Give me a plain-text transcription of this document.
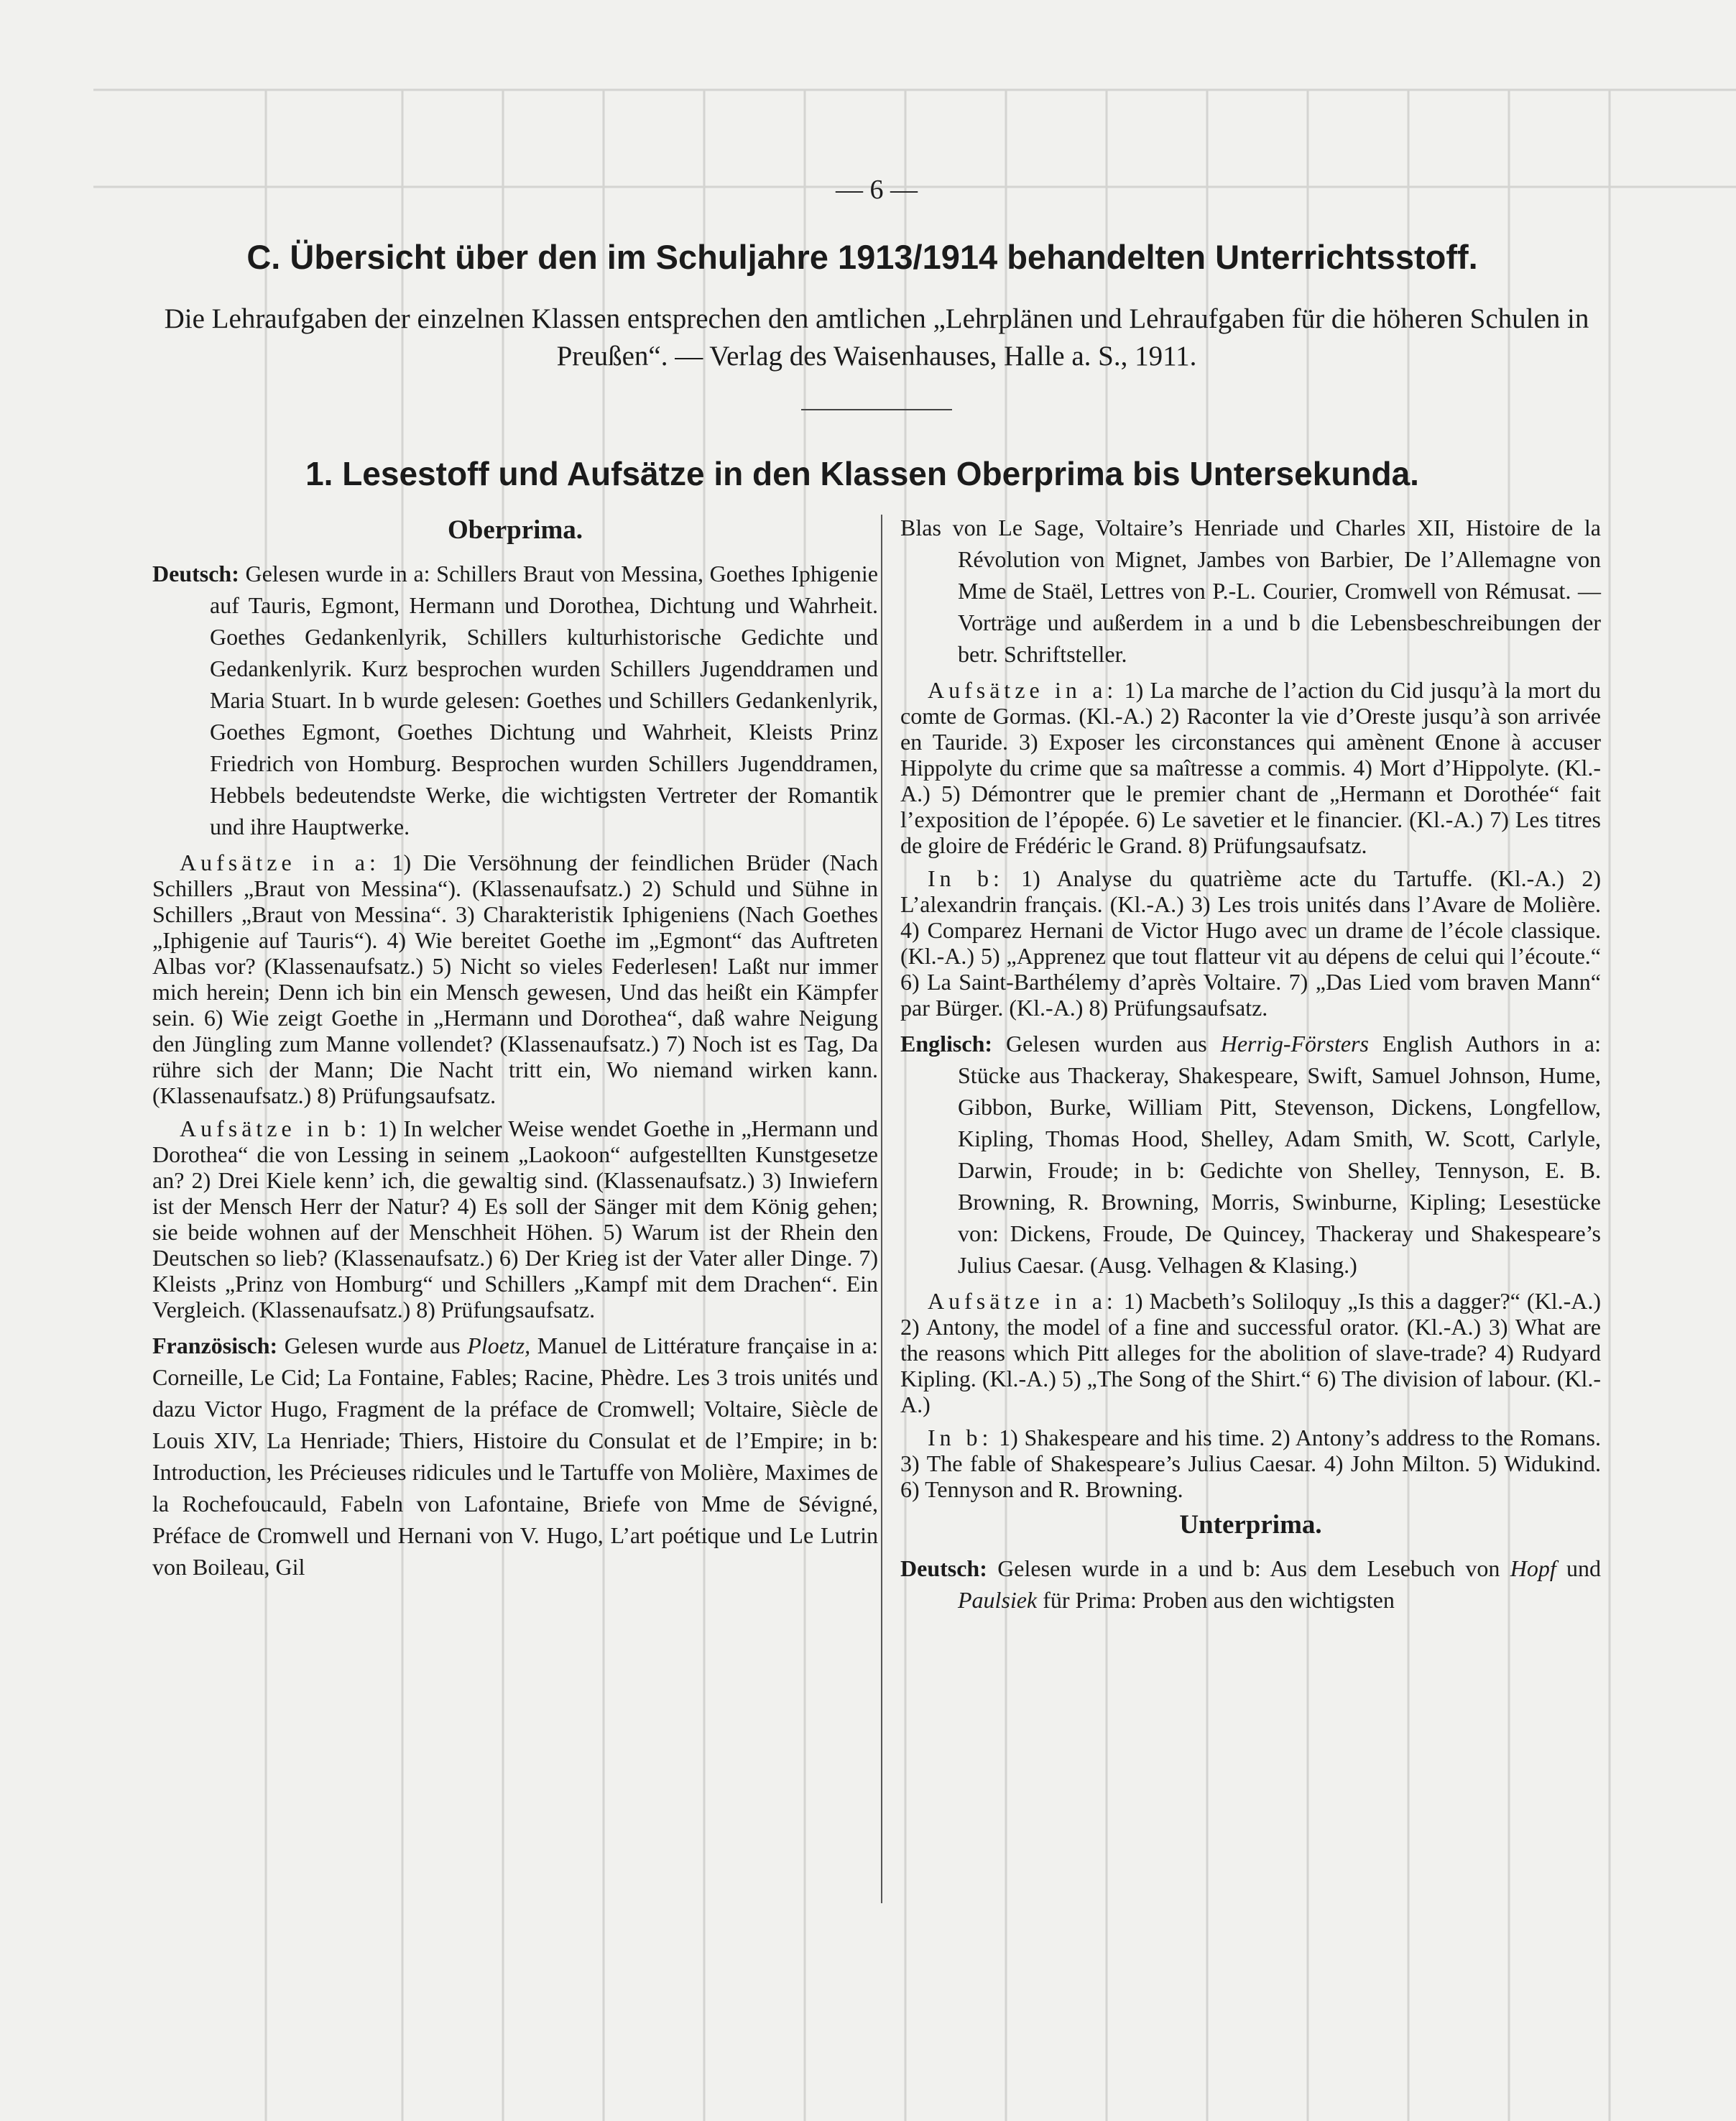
— 6 —
C. Übersicht über den im Schuljahre 1913/1914 behandelten Unterrichtsstoff.
Die Lehraufgaben der einzelnen Klassen entsprechen den amtlichen „Lehrplänen und Lehraufgaben für die höheren Schulen in Preußen“. — Verlag des Waisenhauses, Halle a. S., 1911.
1. Lesestoff und Aufsätze in den Klassen Oberprima bis Untersekunda.
Oberprima.

Deutsch: Gelesen wurde in a: Schillers Braut von Messina, Goethes Iphigenie auf Tauris, Egmont, Hermann und Dorothea, Dichtung und Wahrheit. Goethes Gedankenlyrik, Schillers kulturhistorische Gedichte und Gedankenlyrik. Kurz besprochen wurden Schillers Jugenddramen und Maria Stuart. In b wurde gelesen: Goethes und Schillers Gedankenlyrik, Goethes Egmont, Goethes Dichtung und Wahrheit, Kleists Prinz Friedrich von Homburg. Besprochen wurden Schillers Jugenddramen, Hebbels bedeutendste Werke, die wichtigsten Vertreter der Romantik und ihre Hauptwerke.

Aufsätze in a: 1) Die Versöhnung der feindlichen Brüder (Nach Schillers „Braut von Messina“). (Klassenaufsatz.) 2) Schuld und Sühne in Schillers „Braut von Messina“. 3) Charakteristik Iphigeniens (Nach Goethes „Iphigenie auf Tauris“). 4) Wie bereitet Goethe im „Egmont“ das Auftreten Albas vor? (Klassenaufsatz.) 5) Nicht so vieles Federlesen! Laßt nur immer mich herein; Denn ich bin ein Mensch gewesen, Und das heißt ein Kämpfer sein. 6) Wie zeigt Goethe in „Hermann und Dorothea“, daß wahre Neigung den Jüngling zum Manne vollendet? (Klassenaufsatz.) 7) Noch ist es Tag, Da rühre sich der Mann; Die Nacht tritt ein, Wo niemand wirken kann. (Klassenaufsatz.) 8) Prüfungsaufsatz.

Aufsätze in b: 1) In welcher Weise wendet Goethe in „Hermann und Dorothea“ die von Lessing in seinem „Laokoon“ aufgestellten Kunstgesetze an? 2) Drei Kiele kenn’ ich, die gewaltig sind. (Klassenaufsatz.) 3) Inwiefern ist der Mensch Herr der Natur? 4) Es soll der Sänger mit dem König gehen; sie beide wohnen auf der Menschheit Höhen. 5) Warum ist der Rhein den Deutschen so lieb? (Klassenaufsatz.) 6) Der Krieg ist der Vater aller Dinge. 7) Kleists „Prinz von Homburg“ und Schillers „Kampf mit dem Drachen“. Ein Vergleich. (Klassenaufsatz.) 8) Prüfungsaufsatz.

Französisch: Gelesen wurde aus Ploetz, Manuel de Littérature française in a: Corneille, Le Cid; La Fontaine, Fables; Racine, Phèdre. Les 3 trois unités und dazu Victor Hugo, Fragment de la préface de Cromwell; Voltaire, Siècle de Louis XIV, La Henriade; Thiers, Histoire du Consulat et de l’Empire; in b: Introduction, les Précieuses ridicules und le Tartuffe von Molière, Maximes de la Rochefoucauld, Fabeln von Lafontaine, Briefe von Mme de Sévigné, Préface de Cromwell und Hernani von V. Hugo, L’art poétique und Le Lutrin von Boileau, Gil

Blas von Le Sage, Voltaire’s Henriade und Charles XII, Histoire de la Révolution von Mignet, Jambes von Barbier, De l’Allemagne von Mme de Staël, Lettres von P.-L. Courier, Cromwell von Rémusat. — Vorträge und außerdem in a und b die Lebensbeschreibungen der betr. Schriftsteller.

Aufsätze in a: 1) La marche de l’action du Cid jusqu’à la mort du comte de Gormas. (Kl.-A.) 2) Raconter la vie d’Oreste jusqu’à son arrivée en Tauride. 3) Exposer les circonstances qui amènent Œnone à accuser Hippolyte du crime que sa maîtresse a commis. 4) Mort d’Hippolyte. (Kl.-A.) 5) Démontrer que le premier chant de „Hermann et Dorothée“ fait l’exposition de l’épopée. 6) Le savetier et le financier. (Kl.-A.) 7) Les titres de gloire de Frédéric le Grand. 8) Prüfungsaufsatz.

In b: 1) Analyse du quatrième acte du Tartuffe. (Kl.-A.) 2) L’alexandrin français. (Kl.-A.) 3) Les trois unités dans l’Avare de Molière. 4) Comparez Hernani de Victor Hugo avec un drame de l’école classique. (Kl.-A.) 5) „Apprenez que tout flatteur vit au dépens de celui qui l’écoute.“ 6) La Saint-Barthélemy d’après Voltaire. 7) „Das Lied vom braven Mann“ par Bürger. (Kl.-A.) 8) Prüfungsaufsatz.

Englisch: Gelesen wurden aus Herrig-Försters English Authors in a: Stücke aus Thackeray, Shakespeare, Swift, Samuel Johnson, Hume, Gibbon, Burke, William Pitt, Stevenson, Dickens, Longfellow, Kipling, Thomas Hood, Shelley, Adam Smith, W. Scott, Carlyle, Darwin, Froude; in b: Gedichte von Shelley, Tennyson, E. B. Browning, R. Browning, Morris, Swinburne, Kipling; Lesestücke von: Dickens, Froude, De Quincey, Thackeray und Shakespeare’s Julius Caesar. (Ausg. Velhagen & Klasing.)

Aufsätze in a: 1) Macbeth’s Soliloquy „Is this a dagger?“ (Kl.-A.) 2) Antony, the model of a fine and successful orator. (Kl.-A.) 3) What are the reasons which Pitt alleges for the abolition of slave-trade? 4) Rudyard Kipling. (Kl.-A.) 5) „The Song of the Shirt.“ 6) The division of labour. (Kl.-A.)

In b: 1) Shakespeare and his time. 2) Antony’s address to the Romans. 3) The fable of Shakespeare’s Julius Caesar. 4) John Milton. 5) Widukind. 6) Tennyson and R. Browning.

Unterprima.

Deutsch: Gelesen wurde in a und b: Aus dem Lesebuch von Hopf und Paulsiek für Prima: Proben aus den wichtigsten
